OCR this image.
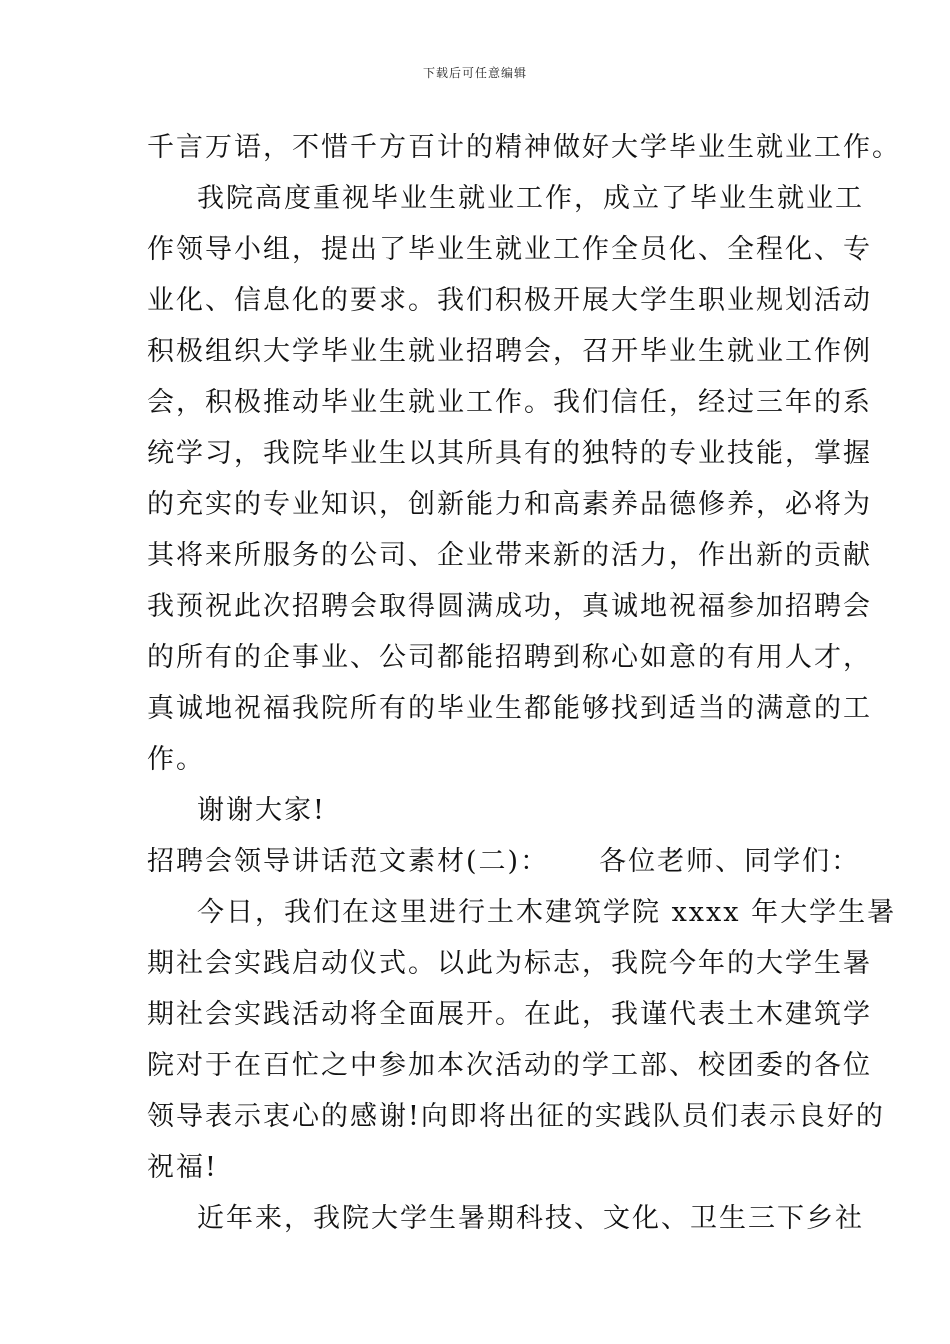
下载后可任意编辑
千言万语，不惜千方百计的精神做好大学毕业生就业工作。
我院高度重视毕业生就业工作，成立了毕业生就业工
作领导小组，提出了毕业生就业工作全员化、全程化、专
业化、信息化的要求。我们积极开展大学生职业规划活动
积极组织大学毕业生就业招聘会，召开毕业生就业工作例
会，积极推动毕业生就业工作。我们信任，经过三年的系
统学习，我院毕业生以其所具有的独特的专业技能，掌握
的充实的专业知识，创新能力和高素养品德修养，必将为
其将来所服务的公司、企业带来新的活力，作出新的贡献
我预祝此次招聘会取得圆满成功，真诚地祝福参加招聘会
的所有的企事业、公司都能招聘到称心如意的有用人才，
真诚地祝福我院所有的毕业生都能够找到适当的满意的工
作。
谢谢大家!
招聘会领导讲话范文素材(二)： 各位老师、同学们：
今日，我们在这里进行土木建筑学院 xxxx 年大学生暑
期社会实践启动仪式。以此为标志，我院今年的大学生暑
期社会实践活动将全面展开。在此，我谨代表土木建筑学
院对于在百忙之中参加本次活动的学工部、校团委的各位
领导表示衷心的感谢!向即将出征的实践队员们表示良好的
祝福!
近年来，我院大学生暑期科技、文化、卫生三下乡社
